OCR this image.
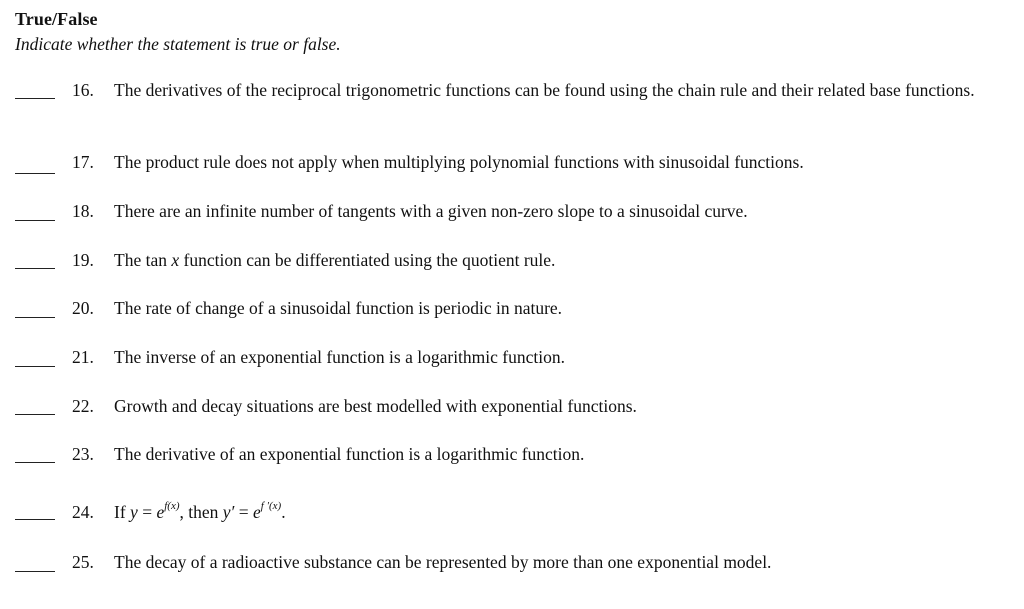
True/False
Indicate whether the statement is true or false.
16. The derivatives of the reciprocal trigonometric functions can be found using the chain rule and their related base functions.
17. The product rule does not apply when multiplying polynomial functions with sinusoidal functions.
18. There are an infinite number of tangents with a given non-zero slope to a sinusoidal curve.
19. The tan x function can be differentiated using the quotient rule.
20. The rate of change of a sinusoidal function is periodic in nature.
21. The inverse of an exponential function is a logarithmic function.
22. Growth and decay situations are best modelled with exponential functions.
23. The derivative of an exponential function is a logarithmic function.
24. If $y = e^{f(x)}$, then $y' = e^{f '(x)}$.
25. The decay of a radioactive substance can be represented by more than one exponential model.
